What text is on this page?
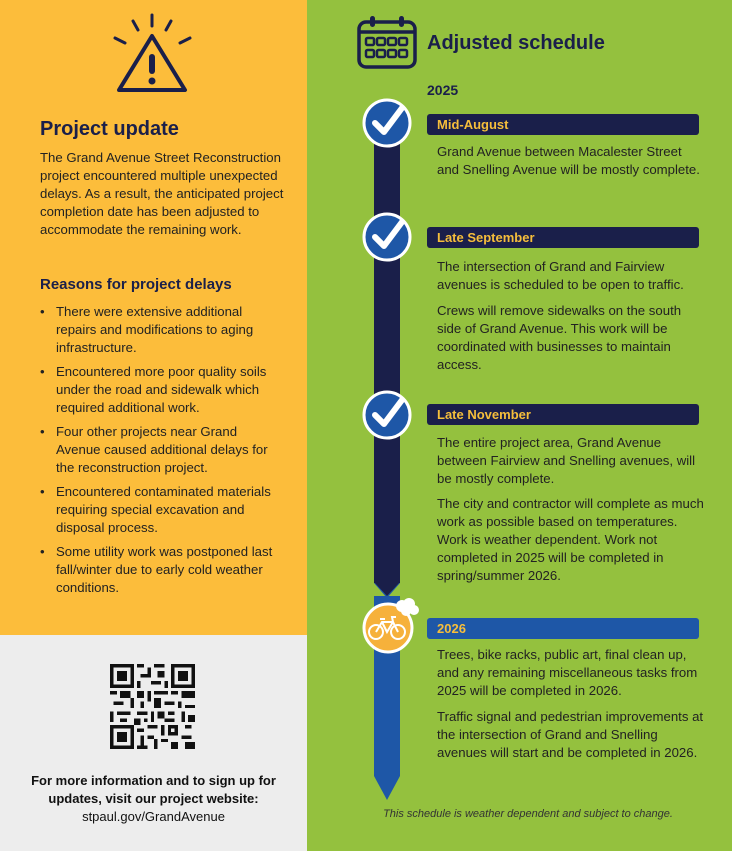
Project update

The Grand Avenue Street Reconstruction project encountered multiple unexpected delays. As a result, the anticipated project completion date has been adjusted to accommodate the remaining work.

Reasons for project delays
• There were extensive additional repairs and modifications to aging infrastructure.
• Encountered more poor quality soils under the road and sidewalk which required additional work.
• Four other projects near Grand Avenue caused additional delays for the reconstruction project.
• Encountered contaminated materials requiring special excavation and disposal process.
• Some utility work was postponed last fall/winter due to early cold weather conditions.

For more information and to sign up for updates, visit our project website:

stpaul.gov/GrandAvenue

Adjusted schedule
2025
Mid-August

Grand Avenue between Macalester Street and Snelling Avenue will be mostly complete.

Late September

The intersection of Grand and Fairview avenues is scheduled to be open to traffic.

Crews will remove sidewalks on the south side of Grand Avenue. This work will be coordinated with businesses to maintain access.

Late November

The entire project area, Grand Avenue between Fairview and Snelling avenues, will be mostly complete.

The city and contractor will complete as much work as possible based on temperatures. Work is weather dependent. Work not completed in 2025 will be completed in spring/summer 2026.

2026

Trees, bike racks, public art, final clean up, and any remaining miscellaneous tasks from 2025 will be completed in 2026.

Traffic signal and pedestrian improvements at the intersection of Grand and Snelling avenues will start and be completed in 2026.

This schedule is weather dependent and subject to change.
